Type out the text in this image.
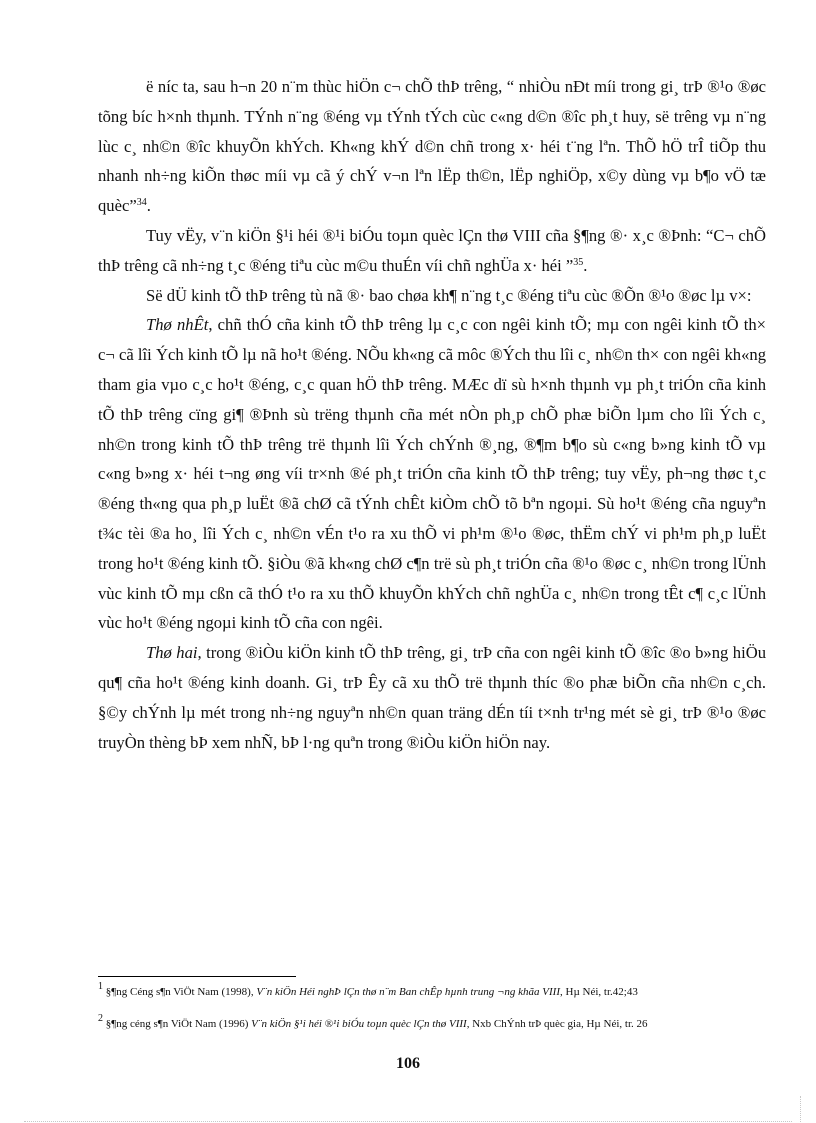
ë níc ta, sau h¬n 20 n¨m thùc hiÖn c¬ chÕ thÞ trêng, “ nhiÒu nÐt míi trong gi¸ trÞ ®¹o ®øc tõng bíc h×nh thµnh. TÝnh n¨ng ®éng vµ tÝnh tÝch cùc c«ng d©n ®îc ph¸t huy, së trêng vµ n¨ng lùc c¸ nh©n ®îc khuyÕn khÝch. Kh«ng khÝ d©n chñ trong x· héi t¨ng lªn. ThÕ hÖ trÎ tiÕp thu nhanh nh÷ng kiÕn thøc míi vµ cã ý chÝ v¬n lªn lËp th©n, lËp nghiÖp, x©y dùng vµ b¶o vÖ tæ quèc”$^{34}$.

Tuy vËy, v¨n kiÖn §¹i héi ®¹i biÓu toµn quèc lÇn thø VIII cña §¶ng ®· x¸c ®Þnh: “C¬ chÕ thÞ trêng cã nh÷ng t¸c ®éng tiªu cùc m©u thuÉn víi chñ nghÜa x· héi ”$^{35}$.

Së dÜ kinh tÕ thÞ trêng tù nã ®· bao chøa kh¶ n¨ng t¸c ®éng tiªu cùc ®Õn ®¹o ®øc lµ v×:

Thø nhÊt, chñ thÓ cña kinh tÕ thÞ trêng lµ c¸c con ngêi kinh tÕ; mµ con ngêi kinh tÕ th× c¬ cã lîi Ých kinh tÕ lµ nã ho¹t ®éng. NÕu kh«ng cã môc ®Ých thu lîi c¸ nh©n th× con ngêi kh«ng tham gia vµo c¸c ho¹t ®éng, c¸c quan hÖ thÞ trêng. MÆc dï sù h×nh thµnh vµ ph¸t triÓn cña kinh tÕ thÞ trêng cïng gi¶ ®Þnh sù trëng thµnh cña mét nÒn ph¸p chÕ phæ biÕn lµm cho lîi Ých c¸ nh©n trong kinh tÕ thÞ trêng trë thµnh lîi Ých chÝnh ®¸ng, ®¶m b¶o sù c«ng b»ng kinh tÕ vµ c«ng b»ng x· héi t¬ng øng víi tr×nh ®é ph¸t triÓn cña kinh tÕ thÞ trêng; tuy vËy, ph¬ng thøc t¸c ®éng th«ng qua ph¸p luËt ®ã chØ cã tÝnh chÊt kiÒm chÕ tõ bªn ngoµi. Sù ho¹t ®éng cña nguyªn t¾c tèi ®a ho¸ lîi Ých c¸ nh©n vÉn t¹o ra xu thÕ vi ph¹m ®¹o ®øc, thËm chÝ vi ph¹m ph¸p luËt trong ho¹t ®éng kinh tÕ. §iÒu ®ã kh«ng chØ c¶n trë sù ph¸t triÓn cña ®¹o ®øc c¸ nh©n trong lÜnh vùc kinh tÕ mµ cßn cã thÓ t¹o ra xu thÕ khuyÕn khÝch chñ nghÜa c¸ nh©n trong tÊt c¶ c¸c lÜnh vùc ho¹t ®éng ngoµi kinh tÕ cña con ngêi.

Thø hai, trong ®iÒu kiÖn kinh tÕ thÞ trêng, gi¸ trÞ cña con ngêi kinh tÕ ®îc ®o b»ng hiÖu qu¶ cña ho¹t ®éng kinh doanh. Gi¸ trÞ Êy cã xu thÕ trë thµnh thíc ®o phæ biÕn cña nh©n c¸ch. §©y chÝnh lµ mét trong nh÷ng nguyªn nh©n quan träng dÉn tíi t×nh tr¹ng mét sè gi¸ trÞ ®¹o ®øc truyÒn thèng bÞ xem nhÑ, bÞ l·ng quªn trong ®iÒu kiÖn hiÖn nay.

1 §¶ng Céng s¶n ViÖt Nam (1998), V¨n kiÖn Héi nghÞ lÇn thø n¨m Ban chÊp hµnh trung ¬ng khãa VIII, Hµ Néi, tr.42;43
2 §¶ng céng s¶n ViÖt Nam (1996) V¨n kiÖn §¹i héi ®¹i biÓu toµn quèc lÇn thø VIII, Nxb ChÝnh trÞ quèc gia, Hµ Néi, tr. 26
106
